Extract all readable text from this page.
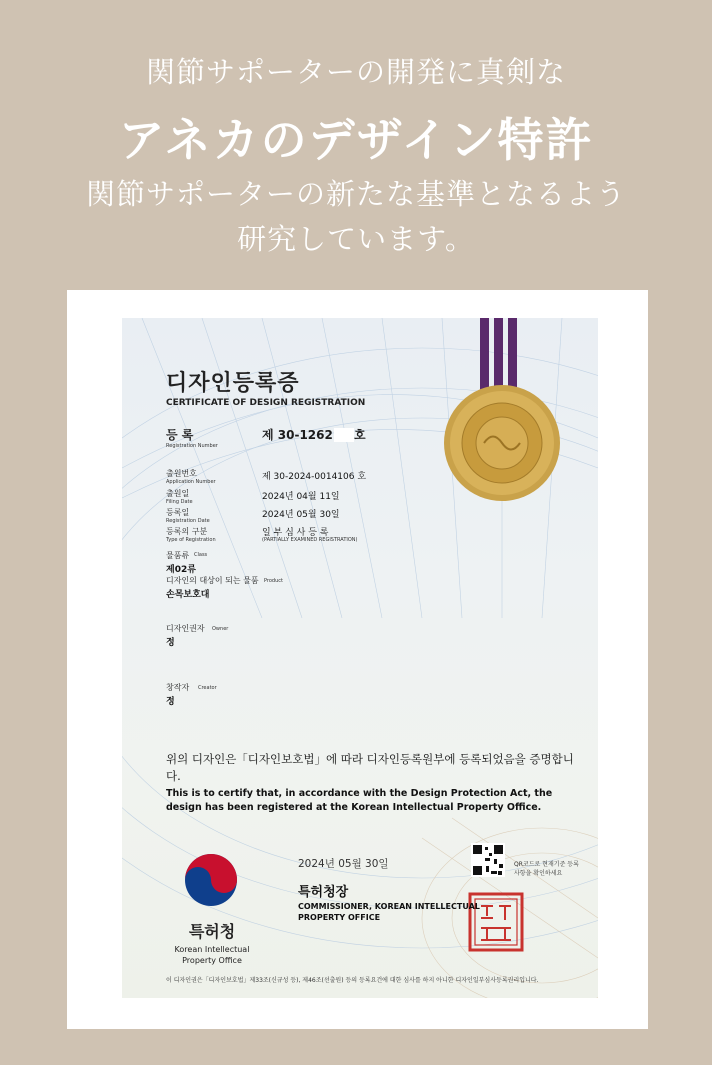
関節サポーターの開発に真剣な
アネカのデザイン特許
関節サポーターの新たな基準となるよう
研究しています。
디자인등록증
CERTIFICATE OF DESIGN REGISTRATION
등 록
Registration Number
제 30-1262 호
출원번호
Application Number	제 30-2024-0014106 호
출원일
Filing Date	2024년 04월 11일
등록일
Registration Date
2024년 05월 30일
등록의 구분
Type of Registration
일 부 심 사 등 록
(PARTIALLY EXAMINED REGISTRATION)
물품류 Class
제02류
디자인의 대상이 되는 물품 Product
손목보호대
디자인권자 Owner
정
창작자 Creator
정
위의 디자인은「디자인보호법」에 따라 디자인등록원부에 등록되었음을 증명합니다.
This is to certify that, in accordance with the Design Protection Act, the design has been registered at the Korean Intellectual Property Office.
2024년 05월 30일	QR코드로 현재기준 등록사항을 확인하세요
특허청장
COMMISSIONER, KOREAN INTELLECTUAL PROPERTY OFFICE
특허청
Korean Intellectual Property Office
이 디자인권은「디자인보호법」제33조(신규성 등), 제46조(선출원) 등의 등록요건에 대한 심사를 하지 아니한 디자인일부심사등록권리입니다.
